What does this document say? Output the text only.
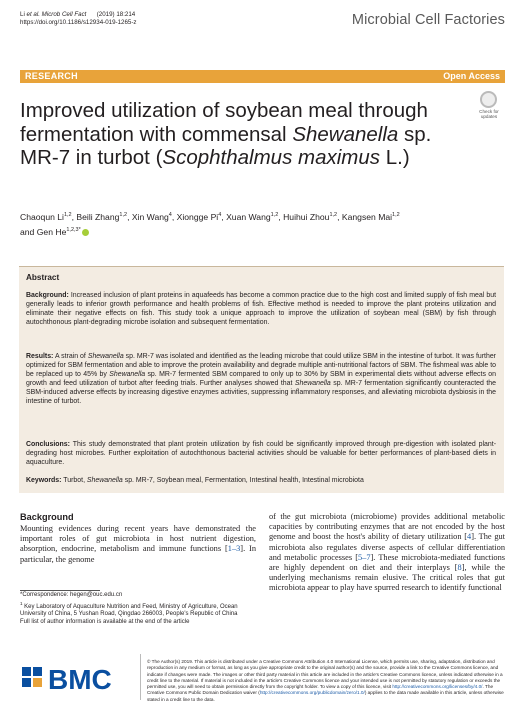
Li et al. Microb Cell Fact (2019) 18:214
https://doi.org/10.1186/s12934-019-1265-z	Microbial Cell Factories
RESEARCH	Open Access
Improved utilization of soybean meal through fermentation with commensal Shewanella sp. MR-7 in turbot (Scophthalmus maximus L.)
Check for
updates
Chaoqun Li$^{1,2}$, Beili Zhang$^{1,2}$, Xin Wang$^4$, Xiongge Pi$^4$, Xuan Wang$^{1,2}$, Huihui Zhou$^{1,2}$, Kangsen Mai$^{1,2}$
and Gen $He^{1,2,3*}$
Abstract
Background: Increased inclusion of plant proteins in aquafeeds has become a common practice due to the high cost and limited supply of fish meal but generally leads to inferior growth performance and health problems of fish. Effective method is needed to improve the plant proteins utilization and eliminate their negative effects on fish. This study took a unique approach to improve the utilization of soybean meal (SBM) by fish through autochthonous plant-degrading microbe isolation and subsequent fermentation.
Results: A strain of Shewanella sp. MR-7 was isolated and identified as the leading microbe that could utilize SBM in the intestine of turbot. It was further optimized for SBM fermentation and able to improve the protein availability and degrade multiple anti-nutritional factors of SBM. The fishmeal was able to be replaced up to 45% by Shewanella sp. MR-7 fermented SBM compared to only up to 30% by SBM in experimental diets without adverse effects on growth and feed utilization of turbot after feeding trials. Further analyses showed that Shewanella sp. MR-7 fermentation significantly counteracted the SBM-induced adverse effects by increasing digestive enzymes activities, suppressing inflammatory responses, and alleviating microbiota dysbiosis in the intestine of turbot.
Conclusions: This study demonstrated that plant protein utilization by fish could be significantly improved through pre-digestion with isolated plant-degrading host microbes. Further exploitation of autochthonous bacterial activities should be valuable for better performances of plant-based diets in aquaculture.
Keywords: Turbot, Shewanella sp. MR-7, Soybean meal, Fermentation, Intestinal health, Intestinal microbiota
Background
Mounting evidences during recent years have demonstrated the important roles of gut microbiota in host nutrient digestion, absorption, endocrine, metabolism and immune functions [1–3]. In particular, the genome
of the gut microbiota (microbiome) provides additional metabolic capacities by contributing enzymes that are not encoded by the host genome and boost the host's ability of dietary utilization [4]. The gut microbiota also regulates diverse aspects of cellular differentiation and metabolic processes [5–7]. These microbiota-mediated functions are highly dependent on diet and their interplays [8], while the underlying mechanisms remain elusive. The critical roles that gut microbiota appear to play have spurred research to identify functional
*Correspondence: hegen@ouc.edu.cn
$^1$ Key Laboratory of Aquaculture Nutrition and Feed, Ministry of Agriculture, Ocean University of China, 5 Yushan Road, Qingdao 266003, People's Republic of China
Full list of author information is available at the end of the article
BMC
© The Author(s) 2019. This article is distributed under a Creative Commons Attribution 4.0 International License, which permits use, sharing, adaptation, distribution and reproduction in any medium or format, as long as you give appropriate credit to the original author(s) and the source, provide a link to the Creative Commons licence, and indicate if changes were made. The images or other third party material in this article are included in the article's Creative Commons licence, unless indicated otherwise in a credit line to the material. If material is not included in the article's Creative Commons licence and your intended use is not permitted by statutory regulation or exceeds the permitted use, you will need to obtain permission directly from the copyright holder. To view a copy of this licence, visit http://creativecommons.org/licenses/by/4.0/. The Creative Commons Public Domain Dedication waiver (http://creativecommons.org/publicdomain/zero/1.0/) applies to the data made available in this article, unless otherwise stated in a credit line to the data.
